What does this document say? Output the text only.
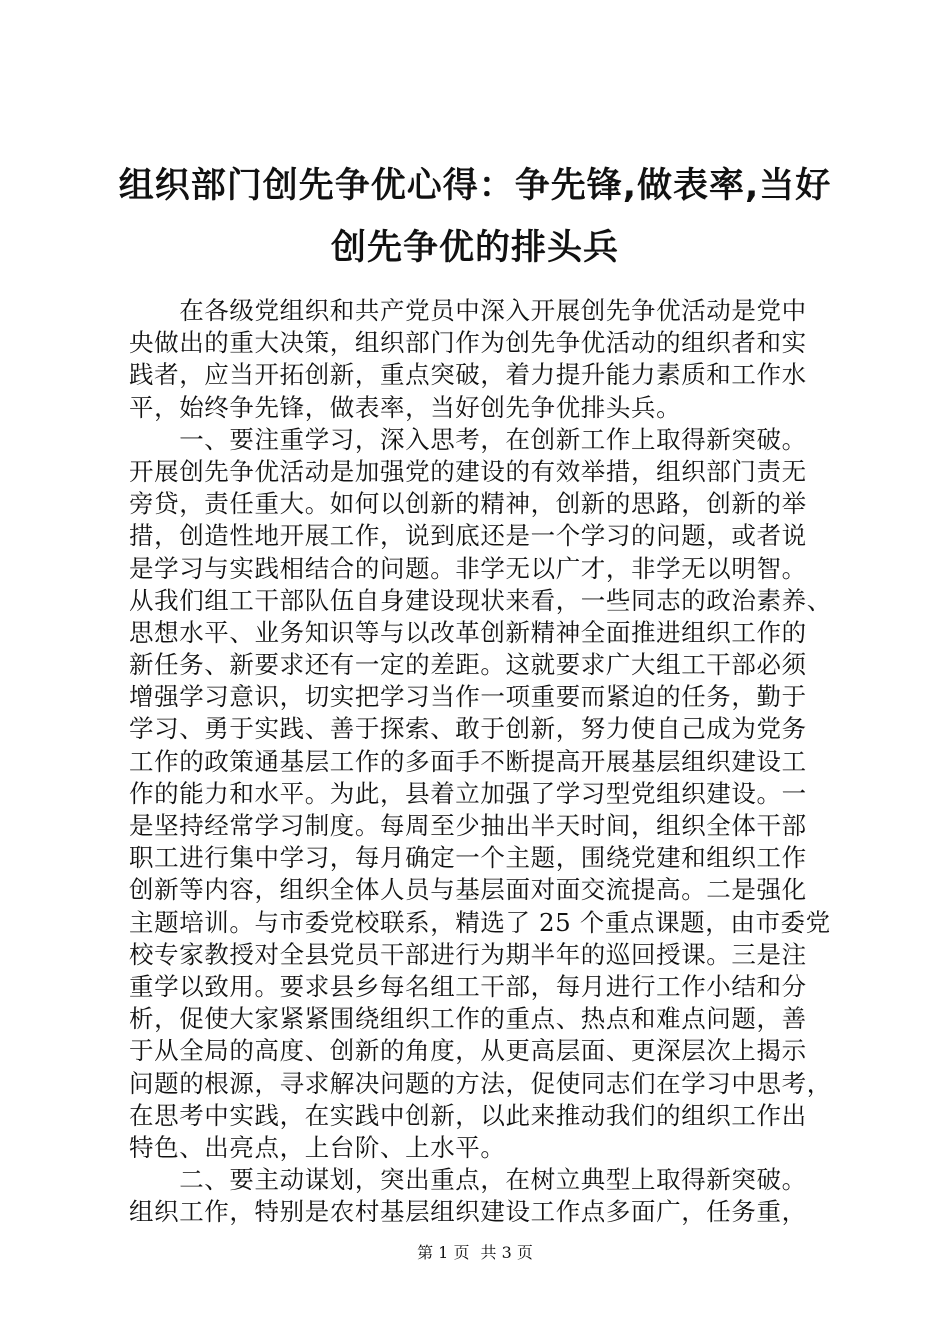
组织部门创先争优心得：争先锋,做表率,当好
创先争优的排头兵
　　在各级党组织和共产党员中深入开展创先争优活动是党中
央做出的重大决策，组织部门作为创先争优活动的组织者和实
践者，应当开拓创新，重点突破，着力提升能力素质和工作水
平，始终争先锋，做表率，当好创先争优排头兵。
　　一、要注重学习，深入思考，在创新工作上取得新突破。
开展创先争优活动是加强党的建设的有效举措，组织部门责无
旁贷，责任重大。如何以创新的精神，创新的思路，创新的举
措，创造性地开展工作，说到底还是一个学习的问题，或者说
是学习与实践相结合的问题。非学无以广才，非学无以明智。
从我们组工干部队伍自身建设现状来看，一些同志的政治素养、
思想水平、业务知识等与以改革创新精神全面推进组织工作的
新任务、新要求还有一定的差距。这就要求广大组工干部必须
增强学习意识，切实把学习当作一项重要而紧迫的任务，勤于
学习、勇于实践、善于探索、敢于创新，努力使自己成为党务
工作的政策通基层工作的多面手不断提高开展基层组织建设工
作的能力和水平。为此，县着立加强了学习型党组织建设。一
是坚持经常学习制度。每周至少抽出半天时间，组织全体干部
职工进行集中学习，每月确定一个主题，围绕党建和组织工作
创新等内容，组织全体人员与基层面对面交流提高。二是强化
主题培训。与市委党校联系，精选了 25 个重点课题，由市委党
校专家教授对全县党员干部进行为期半年的巡回授课。三是注
重学以致用。要求县乡每名组工干部，每月进行工作小结和分
析，促使大家紧紧围绕组织工作的重点、热点和难点问题，善
于从全局的高度、创新的角度，从更高层面、更深层次上揭示
问题的根源，寻求解决问题的方法，促使同志们在学习中思考，
在思考中实践，在实践中创新，以此来推动我们的组织工作出
特色、出亮点，上台阶、上水平。
　　二、要主动谋划，突出重点，在树立典型上取得新突破。
组织工作，特别是农村基层组织建设工作点多面广，任务重，
第 1 页 共 3 页
